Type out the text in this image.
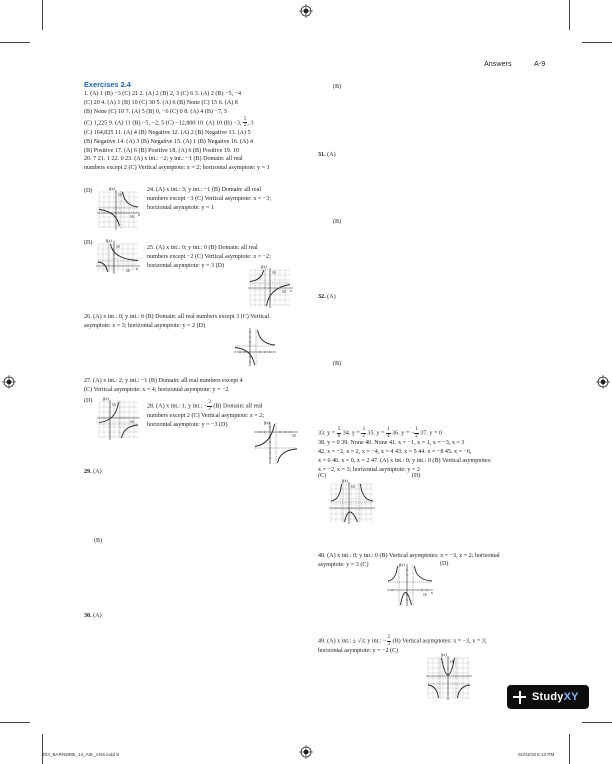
Answers	A-9
Exercises 2.4
1. (A) 1 (B) −3 (C) 21 2. (A) 2 (B) 2, 3 (C) 6 3. (A) 2 (B) −5, −4
(C) 20 4. (A) 1 (B) 10 (C) 30 5. (A) 6 (B) None (C) 15 6. (A) 8
(B) None (C) 10 7. (A) 5 (B) 0, −6 (C) 0 8. (A) 4 (B) −7, 5
(C) 1,225 9. (A) 11 (B) −5, −2, 5 (C) −12,800 10. (A) 10 (B) −3, $\frac{5}{2}$ , 3
(C) 164,025 11. (A) 4 (B) Negative 12. (A) 2 (B) Negative 13. (A) 5
(B) Negative 14. (A) 3 (B) Negative 15. (A) 1 (B) Negative 16. (A) 4
(B) Positive 17. (A) 6 (B) Positive 18. (A) 6 (B) Positive 19. 10
20. 7 21. 1 22. 0 23. (A) x int.: −2; y int.: −1 (B) Domain: all real
numbers except 2 (C) Vertical asymptote: x = 2; horizontal asymptote: y = 1
(D)	f(x)
10
10 x
24. (A) x int.: 3; y int.: −1 (B) Domain: all real
numbers except −3 (C) Vertical asymptote: x = −3;
horizontal asymptote: y = 1
(D)	f(x)
10
10 x
25. (A) x int.: 0; y int.: 0 (B) Domain: all real
numbers except −2 (C) Vertical asymptote: x = −2;
horizontal asymptote: y = 3 (D)	f(x)
10
10 x
26. (A) x int.: 0; y int.: 0 (B) Domain: all real numbers except 3 (C) Vertical
asymptote: x = 3; horizontal asymptote: y = 2 (D)
27. (A) x int.: 2; y int.: −1 (B) Domain: all real numbers except 4
(C) Vertical asymptote: x = 4; horizontal asymptote: y = −2
(D)	f(x)
10
10
28. (A) x int.: 1; y int.: − $\frac{3}{2} (B)$ Domain: all real
numbers except 2 (C) Vertical asymptote: x = 2;
horizontal asymptote: y = −3 (D)	f(x)
10
29. (A)
(B)
30. (A)
(B)
31. (A)
(B)
32. (A)
(B)
33. $y = \frac{5}{6} 34$. $y = \frac{3}{2} 35$. $y = \frac{1}{4} 36$. y = − $\frac{1}{2} 37$. y = 0
38. y = 0 39. None 40. None 41. x = −1, x = 1, x = −3, x = 3
42. x = −2, x = 2, x = −4, x = 4 43. x = 5 44. x = −8 45. x = −6,
x = 6 46. x = 0, x = 2 47. (A) x int.: 0; y int.: 0 (B) Vertical asymptotes:
x = −2, x = 3; horizontal asymptote: y = 2
(C)	(D)
f(x)
10
48. (A) x int.: 0; y int.: 0 (B) Vertical asymptotes: x = −3, x = 2; horizontal
asymptote: y = 3 (C)	(D)
f(x)
10 x
49. (A) x int.: ± √3; y int.: − $\frac{2}{3} (B)$ Vertical asymptotes: x = −3, x = 3;
horizontal asymptote: y = −2 (C)
f(x)
10
StudyXY
Z04_BARN5985_14_AIE_ANS.indd 9	01/03/18 5:13 PM
